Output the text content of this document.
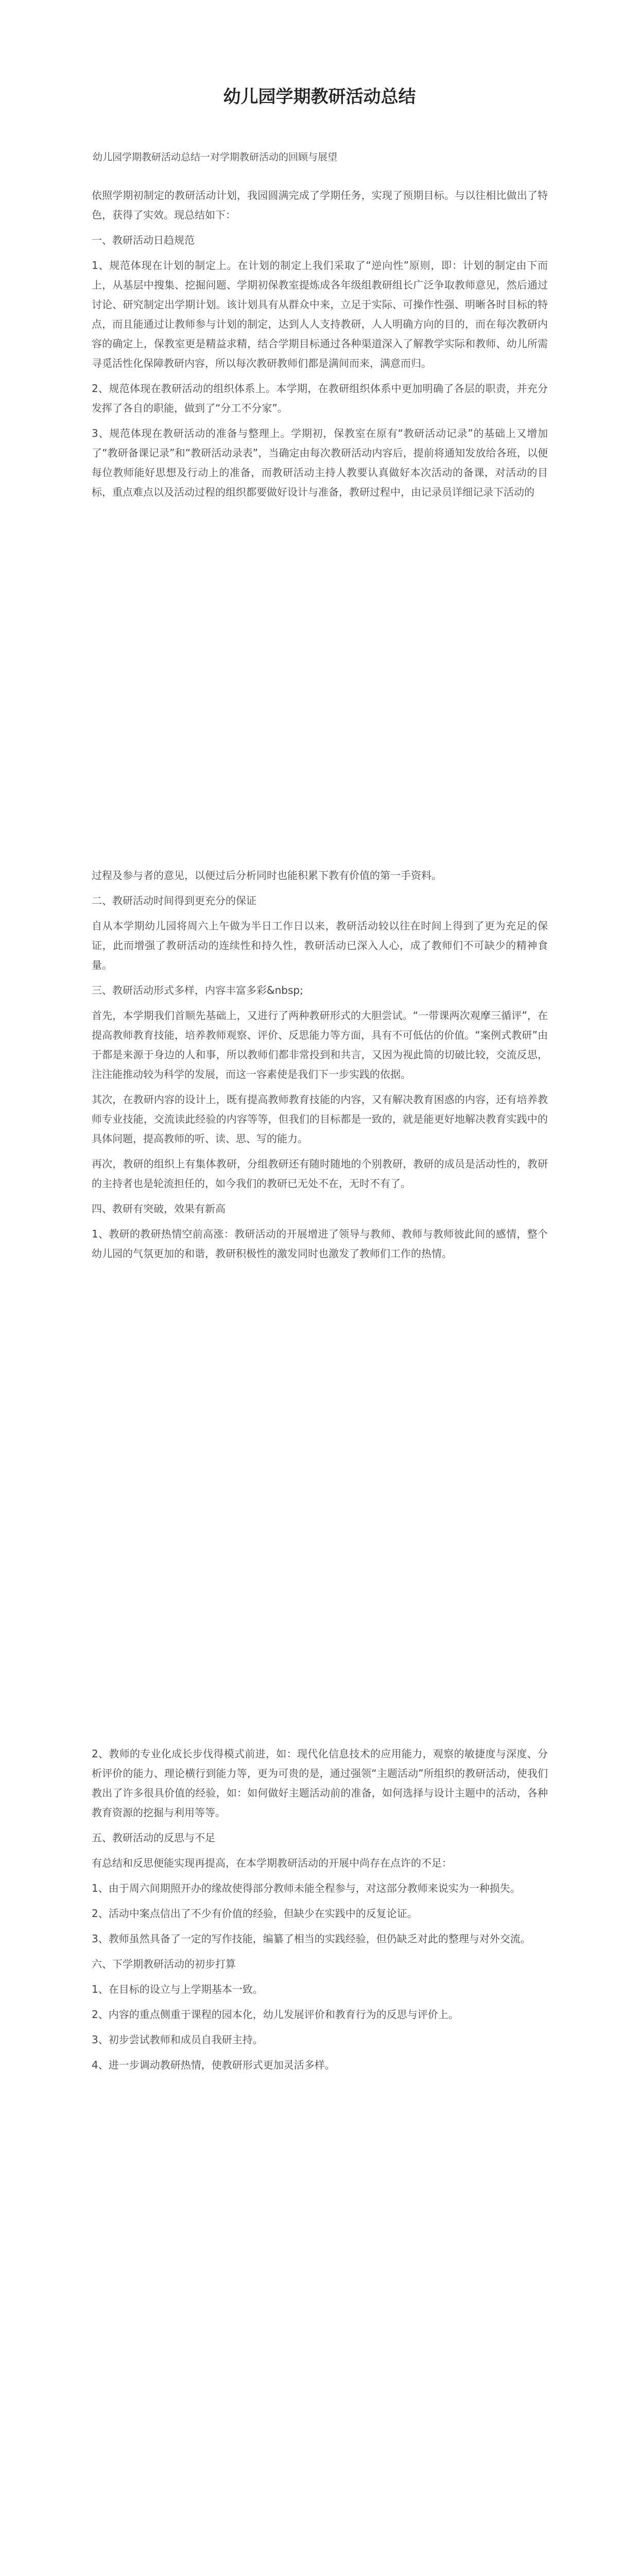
幼儿园学期教研活动总结

幼儿园学期教研活动总结一对学期教研活动的回顾与展望

依照学期初制定的教研活动计划，我园圆满完成了学期任务，实现了预期目标。与以往相比做出了特色，获得了实效。现总结如下：

一、教研活动日趋规范

1、规范体现在计划的制定上。在计划的制定上我们采取了“逆向性”原则，即：计划的制定由下而上，从基层中搜集、挖掘问题、学期初保教室提炼成各年级组教研组长广泛争取教师意见，然后通过讨论、研究制定出学期计划。该计划具有从群众中来，立足于实际、可操作性强、明晰各时目标的特点，而且能通过让教师参与计划的制定，达到人人支持教研，人人明确方向的目的，而在每次教研内容的确定上，保教室更是精益求精，结合学期目标通过各种渠道深入了解教学实际和教师、幼儿所需寻觅活性化保障教研内容，所以每次教研教师们都是满间而来，满意而归。

2、规范体现在教研活动的组织体系上。本学期，在教研组织体系中更加明确了各层的职责，并充分发挥了各自的职能，做到了“分工不分家”。

3、规范体现在教研活动的准备与整理上。学期初，保教室在原有“教研活动记录”的基础上又增加了“教研备课记录”和“教研活动录表”，当确定由每次教研活动内容后，提前将通知发放给各班，以便每位教师能好思想及行动上的准备，而教研活动主持人教要认真做好本次活动的备课，对活动的目标，重点难点以及活动过程的组织都要做好设计与准备，教研过程中，由记录员详细记录下活动的

过程及参与者的意见，以便过后分析同时也能积累下教有价值的第一手资料。

二、教研活动时间得到更充分的保证

自从本学期幼儿园将周六上午做为半日工作日以来，教研活动较以往在时间上得到了更为充足的保证，此而增强了教研活动的连续性和持久性，教研活动已深入人心，成了教师们不可缺少的精神食量。

三、教研活动形式多样，内容丰富多彩&nbsp;

首先，本学期我们首顺先基础上，又进行了两种教研形式的大胆尝试。“一带课两次观摩三循评”，在提高教师教育技能，培养教师观察、评价、反思能力等方面，具有不可低估的价值。“案例式教研”由于都是来源于身边的人和事，所以教师们都非常投到和共言，又因为视此简的切破比较，交流反思，注注能推动较为科学的发展，而这一容素使是我们下一步实践的依据。

其次，在教研内容的设计上，既有提高教师教育技能的内容，又有解决教育困惑的内容，还有培养教师专业技能，交流读此经验的内容等等，但我们的目标都是一致的，就是能更好地解决教育实践中的具体问题，提高教师的听、读、思、写的能力。

再次，教研的组织上有集体教研，分组教研还有随时随地的个别教研，教研的成员是活动性的，教研的主持者也是轮流担任的，如今我们的教研已无处不在，无时不有了。

四、教研有突破，效果有新高

1、教研的教研热情空前高涨：教研活动的开展增进了领导与教师、教师与教师彼此间的感情，整个幼儿园的气氛更加的和谐，教研积极性的激发同时也激发了教师们工作的热情。

2、教师的专业化成长步伐得模式前进，如：现代化信息技术的应用能力，观察的敏捷度与深度、分析评价的能力、理论横行到能力等，更为可贵的是，通过强领“主题活动”所组织的教研活动，使我们教出了许多很具价值的经验，如：如何做好主题活动前的准备，如何选择与设计主题中的活动，各种教育资源的挖掘与利用等等。

五、教研活动的反思与不足

有总结和反思便能实现再提高，在本学期教研活动的开展中尚存在点许的不足：

1、由于周六间期照开办的缘故使得部分教师未能全程参与，对这部分教师来说实为一种损失。

2、活动中案点信出了不少有价值的经验，但缺少在实践中的反复论证。

3、教师虽然具备了一定的写作技能，编纂了相当的实践经验，但仍缺乏对此的整理与对外交流。

六、下学期教研活动的初步打算

1、在目标的设立与上学期基本一致。

2、内容的重点侧重于课程的园本化，幼儿发展评价和教育行为的反思与评价上。

3、初步尝试教师和成员自我研主持。

4、进一步调动教研热情，使教研形式更加灵活多样。
